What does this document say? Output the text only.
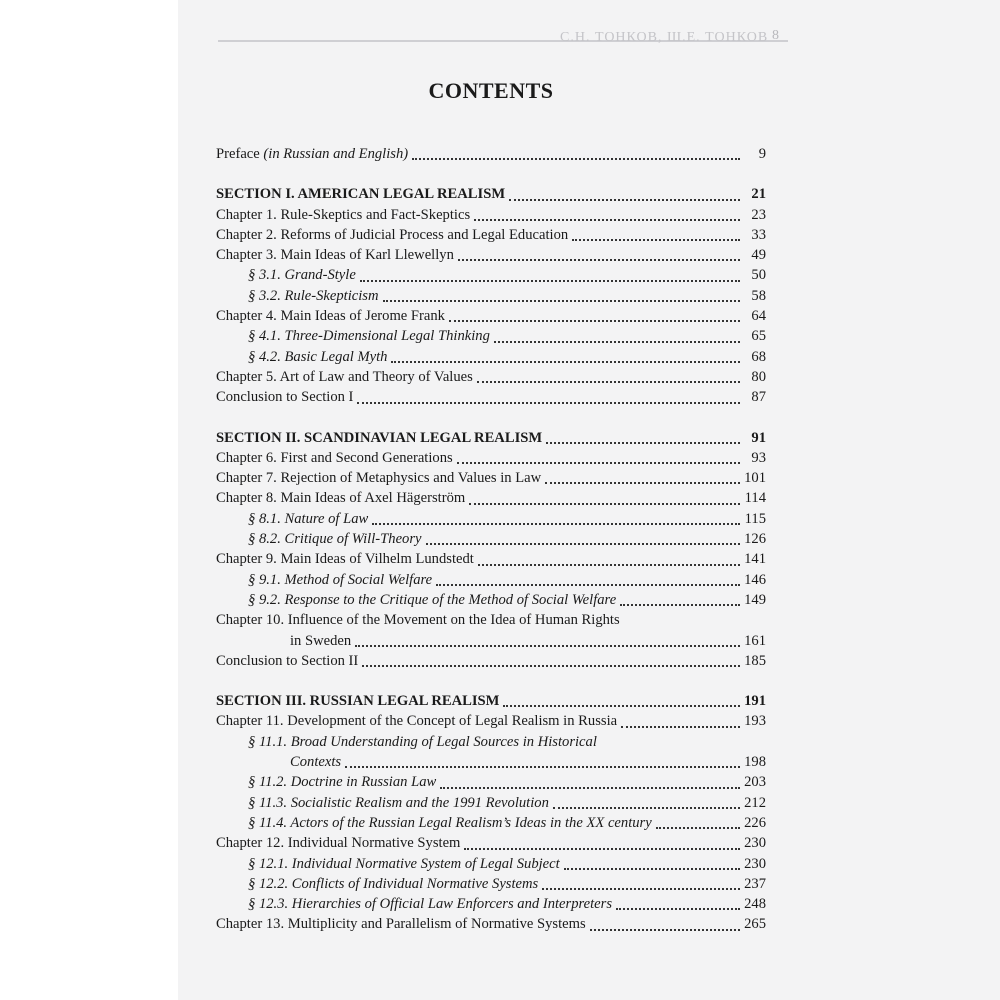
С.Н. ТОНКОВ, Ш.Е. ТОНКОВ 8
CONTENTS
Preface (in Russian and English)	9
SECTION I. AMERICAN LEGAL REALISM	21
Chapter 1. Rule-Skeptics and Fact-Skeptics	23
Chapter 2. Reforms of Judicial Process and Legal Education	33
Chapter 3. Main Ideas of Karl Llewellyn	49
§ 3.1. Grand-Style	50
§ 3.2. Rule-Skepticism	58
Chapter 4. Main Ideas of Jerome Frank	64
§ 4.1. Three-Dimensional Legal Thinking	65
§ 4.2. Basic Legal Myth	68
Chapter 5. Art of Law and Theory of Values	80
Conclusion to Section I	87
SECTION II. SCANDINAVIAN LEGAL REALISM	91
Chapter 6. First and Second Generations	93
Chapter 7. Rejection of Metaphysics and Values in Law	101
Chapter 8. Main Ideas of Axel Hägerström	114
§ 8.1. Nature of Law	115
§ 8.2. Critique of Will-Theory	126
Chapter 9. Main Ideas of Vilhelm Lundstedt	141
§ 9.1. Method of Social Welfare	146
§ 9.2. Response to the Critique of the Method of Social Welfare	149
Chapter 10. Influence of the Movement on the Idea of Human Rights
in Sweden	161
Conclusion to Section II	185
SECTION III. RUSSIAN LEGAL REALISM	191
Chapter 11. Development of the Concept of Legal Realism in Russia	193
§ 11.1. Broad Understanding of Legal Sources in Historical
Contexts	198
§ 11.2. Doctrine in Russian Law	203
§ 11.3. Socialistic Realism and the 1991 Revolution	212
§ 11.4. Actors of the Russian Legal Realism’s Ideas in the XX century	226
Chapter 12. Individual Normative System	230
§ 12.1. Individual Normative System of Legal Subject	230
§ 12.2. Conflicts of Individual Normative Systems	237
§ 12.3. Hierarchies of Official Law Enforcers and Interpreters	248
Chapter 13. Multiplicity and Parallelism of Normative Systems	265
